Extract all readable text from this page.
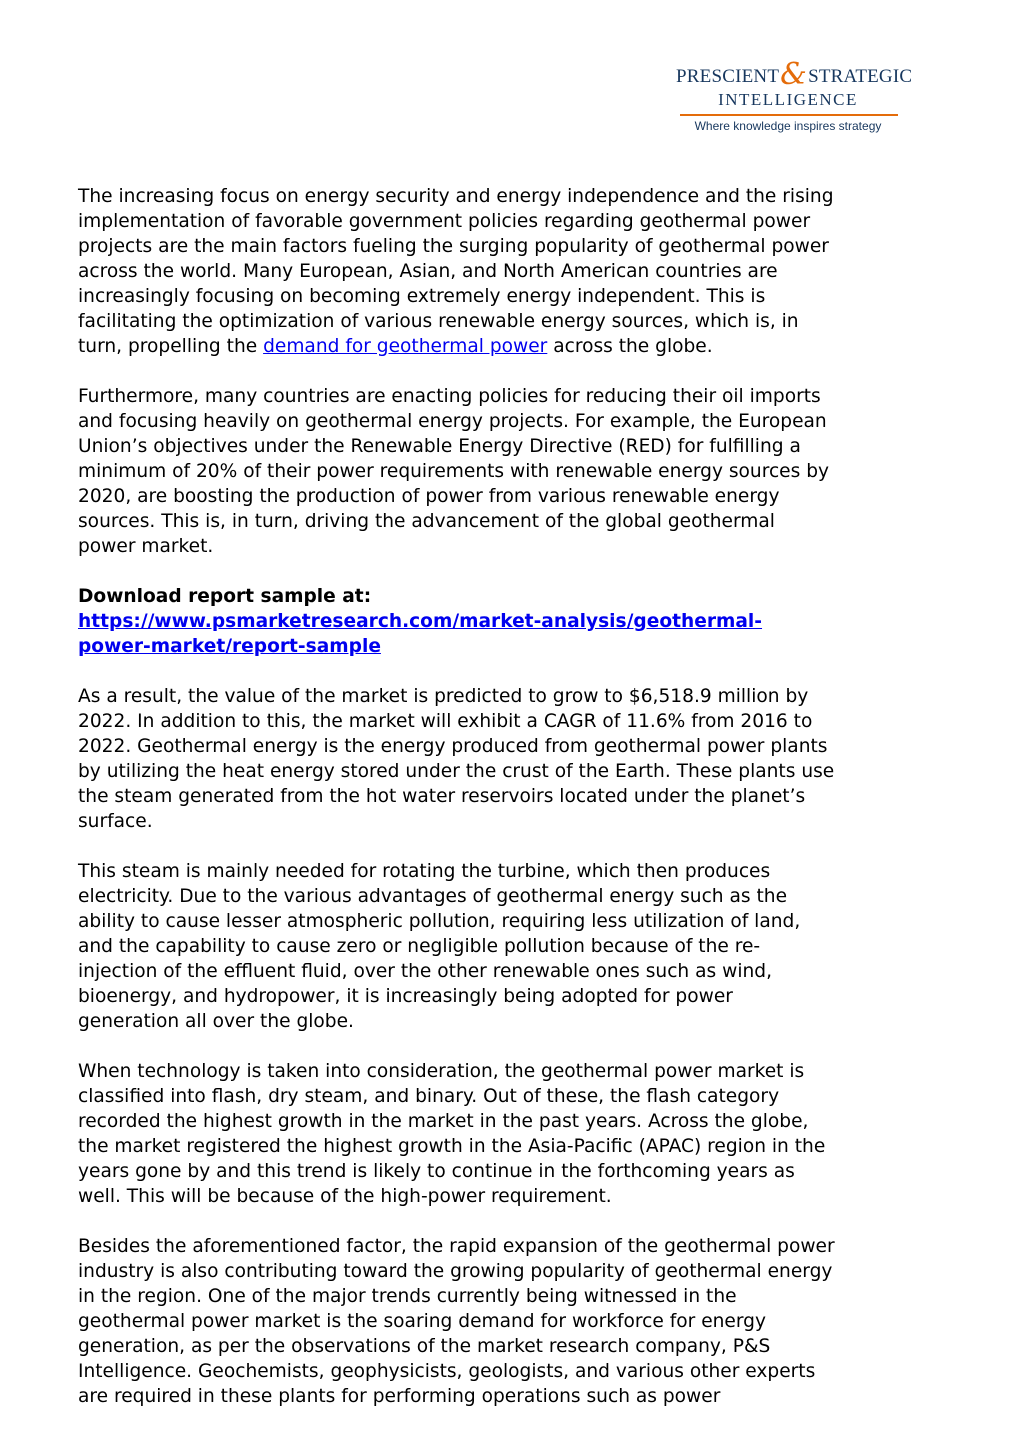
PRESCIENT&STRATEGIC
INTELLIGENCE
Where knowledge inspires strategy

The increasing focus on energy security and energy independence and the rising
implementation of favorable government policies regarding geothermal power
projects are the main factors fueling the surging popularity of geothermal power
across the world. Many European, Asian, and North American countries are
increasingly focusing on becoming extremely energy independent. This is
facilitating the optimization of various renewable energy sources, which is, in
turn, propelling the demand for geothermal power across the globe.

Furthermore, many countries are enacting policies for reducing their oil imports
and focusing heavily on geothermal energy projects. For example, the European
Union’s objectives under the Renewable Energy Directive (RED) for fulfilling a
minimum of 20% of their power requirements with renewable energy sources by
2020, are boosting the production of power from various renewable energy
sources. This is, in turn, driving the advancement of the global geothermal
power market.

Download report sample at:
https://www.psmarketresearch.com/market-analysis/geothermal-
power-market/report-sample

As a result, the value of the market is predicted to grow to $6,518.9 million by
2022. In addition to this, the market will exhibit a CAGR of 11.6% from 2016 to
2022. Geothermal energy is the energy produced from geothermal power plants
by utilizing the heat energy stored under the crust of the Earth. These plants use
the steam generated from the hot water reservoirs located under the planet’s
surface.

This steam is mainly needed for rotating the turbine, which then produces
electricity. Due to the various advantages of geothermal energy such as the
ability to cause lesser atmospheric pollution, requiring less utilization of land,
and the capability to cause zero or negligible pollution because of the re-
injection of the effluent fluid, over the other renewable ones such as wind,
bioenergy, and hydropower, it is increasingly being adopted for power
generation all over the globe.

When technology is taken into consideration, the geothermal power market is
classified into flash, dry steam, and binary. Out of these, the flash category
recorded the highest growth in the market in the past years. Across the globe,
the market registered the highest growth in the Asia-Pacific (APAC) region in the
years gone by and this trend is likely to continue in the forthcoming years as
well. This will be because of the high-power requirement.

Besides the aforementioned factor, the rapid expansion of the geothermal power
industry is also contributing toward the growing popularity of geothermal energy
in the region. One of the major trends currently being witnessed in the
geothermal power market is the soaring demand for workforce for energy
generation, as per the observations of the market research company, P&S
Intelligence. Geochemists, geophysicists, geologists, and various other experts
are required in these plants for performing operations such as power
